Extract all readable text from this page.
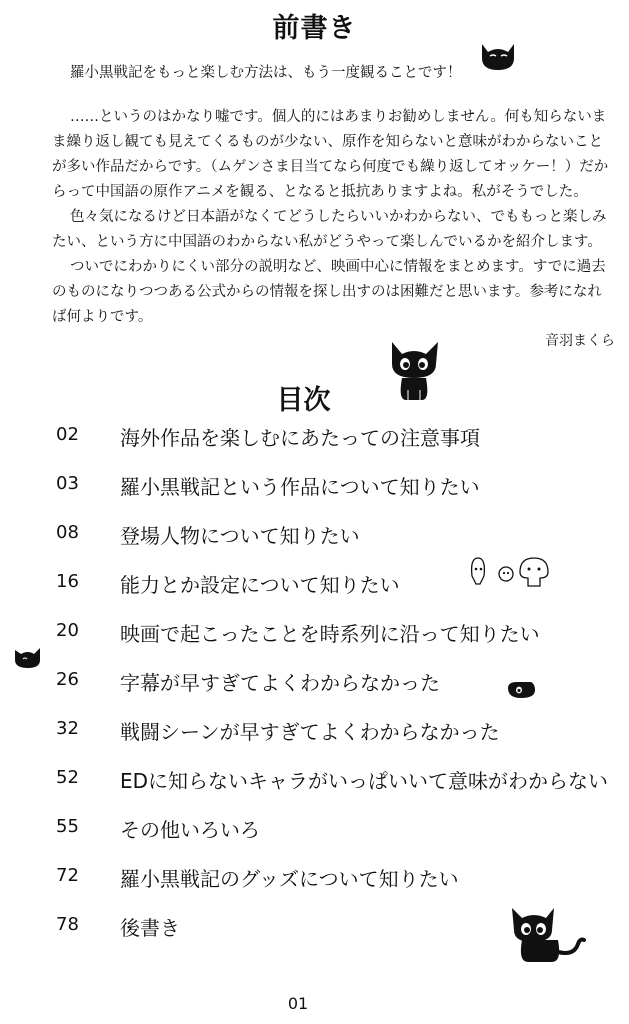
前書き
羅小黒戦記をもっと楽しむ方法は、もう一度観ることです！

……というのはかなり嘘です。個人的にはあまりお勧めしません。何も知らないまま繰り返し観ても見えてくるものが少ない、原作を知らないと意味がわからないことが多い作品だからです。（ムゲンさま目当てなら何度でも繰り返してオッケー！）だからって中国語の原作アニメを観る、となると抵抗ありますよね。私がそうでした。

色々気になるけど日本語がなくてどうしたらいいかわからない、でももっと楽しみたい、という方に中国語のわからない私がどうやって楽しんでいるかを紹介します。

ついでにわかりにくい部分の説明など、映画中心に情報をまとめます。すでに過去のものになりつつある公式からの情報を探し出すのは困難だと思います。参考になれば何よりです。

音羽まくら
目次
02 海外作品を楽しむにあたっての注意事項
03 羅小黒戦記という作品について知りたい
08 登場人物について知りたい
16 能力とか設定について知りたい
20 映画で起こったことを時系列に沿って知りたい
26 字幕が早すぎてよくわからなかった
32 戦闘シーンが早すぎてよくわからなかった
52 EDに知らないキャラがいっぱいいて意味がわからない
55 その他いろいろ
72 羅小黒戦記のグッズについて知りたい
78 後書き
01
